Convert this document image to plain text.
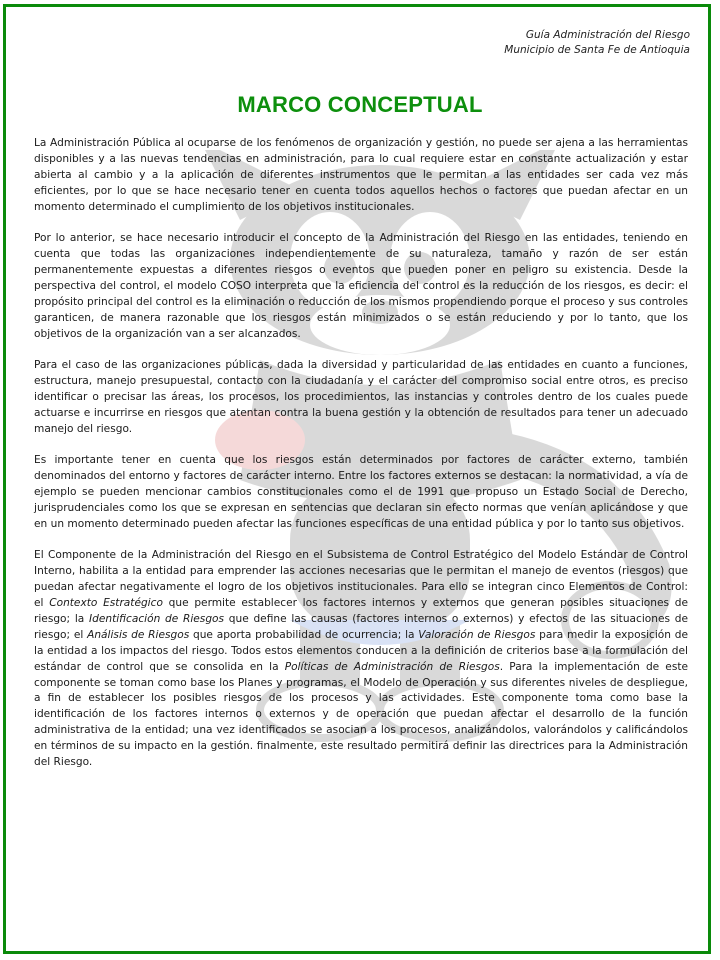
Guía Administración del Riesgo
Municipio de Santa Fe de Antioquia
MARCO CONCEPTUAL

La Administración Pública al ocuparse de los fenómenos de organización y gestión, no puede ser ajena a las herramientas disponibles y a las nuevas tendencias en administración, para lo cual requiere estar en constante actualización y estar abierta al cambio y a la aplicación de diferentes instrumentos que le permitan a las entidades ser cada vez más eficientes, por lo que se hace necesario tener en cuenta todos aquellos hechos o factores que puedan afectar en un momento determinado el cumplimiento de los objetivos institucionales.

Por lo anterior, se hace necesario introducir el concepto de la Administración del Riesgo en las entidades, teniendo en cuenta que todas las organizaciones independientemente de su naturaleza, tamaño y razón de ser están permanentemente expuestas a diferentes riesgos o eventos que pueden poner en peligro su existencia. Desde la perspectiva del control, el modelo COSO interpreta que la eficiencia del control es la reducción de los riesgos, es decir: el propósito principal del control es la eliminación o reducción de los mismos propendiendo porque el proceso y sus controles garanticen, de manera razonable que los riesgos están minimizados o se están reduciendo y por lo tanto, que los objetivos de la organización van a ser alcanzados.

Para el caso de las organizaciones públicas, dada la diversidad y particularidad de las entidades en cuanto a funciones, estructura, manejo presupuestal, contacto con la ciudadanía y el carácter del compromiso social entre otros, es preciso identificar o precisar las áreas, los procesos, los procedimientos, las instancias y controles dentro de los cuales puede actuarse e incurrirse en riesgos que atentan contra la buena gestión y la obtención de resultados para tener un adecuado manejo del riesgo.

Es importante tener en cuenta que los riesgos están determinados por factores de carácter externo, también denominados del entorno y factores de carácter interno. Entre los factores externos se destacan: la normatividad, a vía de ejemplo se pueden mencionar cambios constitucionales como el de 1991 que propuso un Estado Social de Derecho, jurisprudenciales como los que se expresan en sentencias que declaran sin efecto normas que venían aplicándose y que en un momento determinado pueden afectar las funciones específicas de una entidad pública y por lo tanto sus objetivos.

El Componente de la Administración del Riesgo en el Subsistema de Control Estratégico del Modelo Estándar de Control Interno, habilita a la entidad para emprender las acciones necesarias que le permitan el manejo de eventos (riesgos) que puedan afectar negativamente el logro de los objetivos institucionales. Para ello se integran cinco Elementos de Control: el Contexto Estratégico que permite establecer los factores internos y externos que generan posibles situaciones de riesgo; la Identificación de Riesgos que define las causas (factores internos o externos) y efectos de las situaciones de riesgo; el Análisis de Riesgos que aporta probabilidad de ocurrencia; la Valoración de Riesgos para medir la exposición de la entidad a los impactos del riesgo. Todos estos elementos conducen a la definición de criterios base a la formulación del estándar de control que se consolida en la Políticas de Administración de Riesgos. Para la implementación de este componente se toman como base los Planes y programas, el Modelo de Operación y sus diferentes niveles de despliegue, a fin de establecer los posibles riesgos de los procesos y las actividades. Este componente toma como base la identificación de los factores internos o externos y de operación que puedan afectar el desarrollo de la función administrativa de la entidad; una vez identificados se asocian a los procesos, analizándolos, valorándolos y calificándolos en términos de su impacto en la gestión. finalmente, este resultado permitirá definir las directrices para la Administración del Riesgo.
